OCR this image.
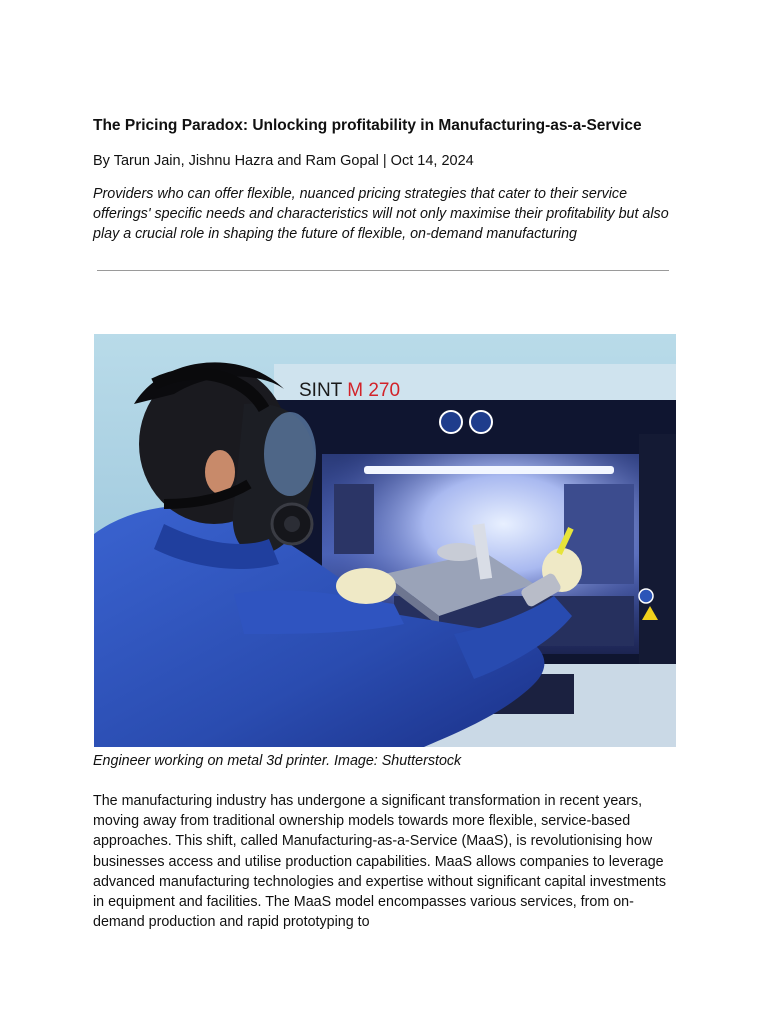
The Pricing Paradox: Unlocking profitability in Manufacturing-as-a-Service
By Tarun Jain, Jishnu Hazra and Ram Gopal | Oct 14, 2024

Providers who can offer flexible, nuanced pricing strategies that cater to their service offerings' specific needs and characteristics will not only maximise their profitability but also play a crucial role in shaping the future of flexible, on-demand manufacturing

SINT M 270
Engineer working on metal 3d printer. Image: Shutterstock

The manufacturing industry has undergone a significant transformation in recent years, moving away from traditional ownership models towards more flexible, service-based approaches. This shift, called Manufacturing-as-a-Service (MaaS), is revolutionising how businesses access and utilise production capabilities. MaaS allows companies to leverage advanced manufacturing technologies and expertise without significant capital investments in equipment and facilities. The MaaS model encompasses various services, from on-demand production and rapid prototyping to
